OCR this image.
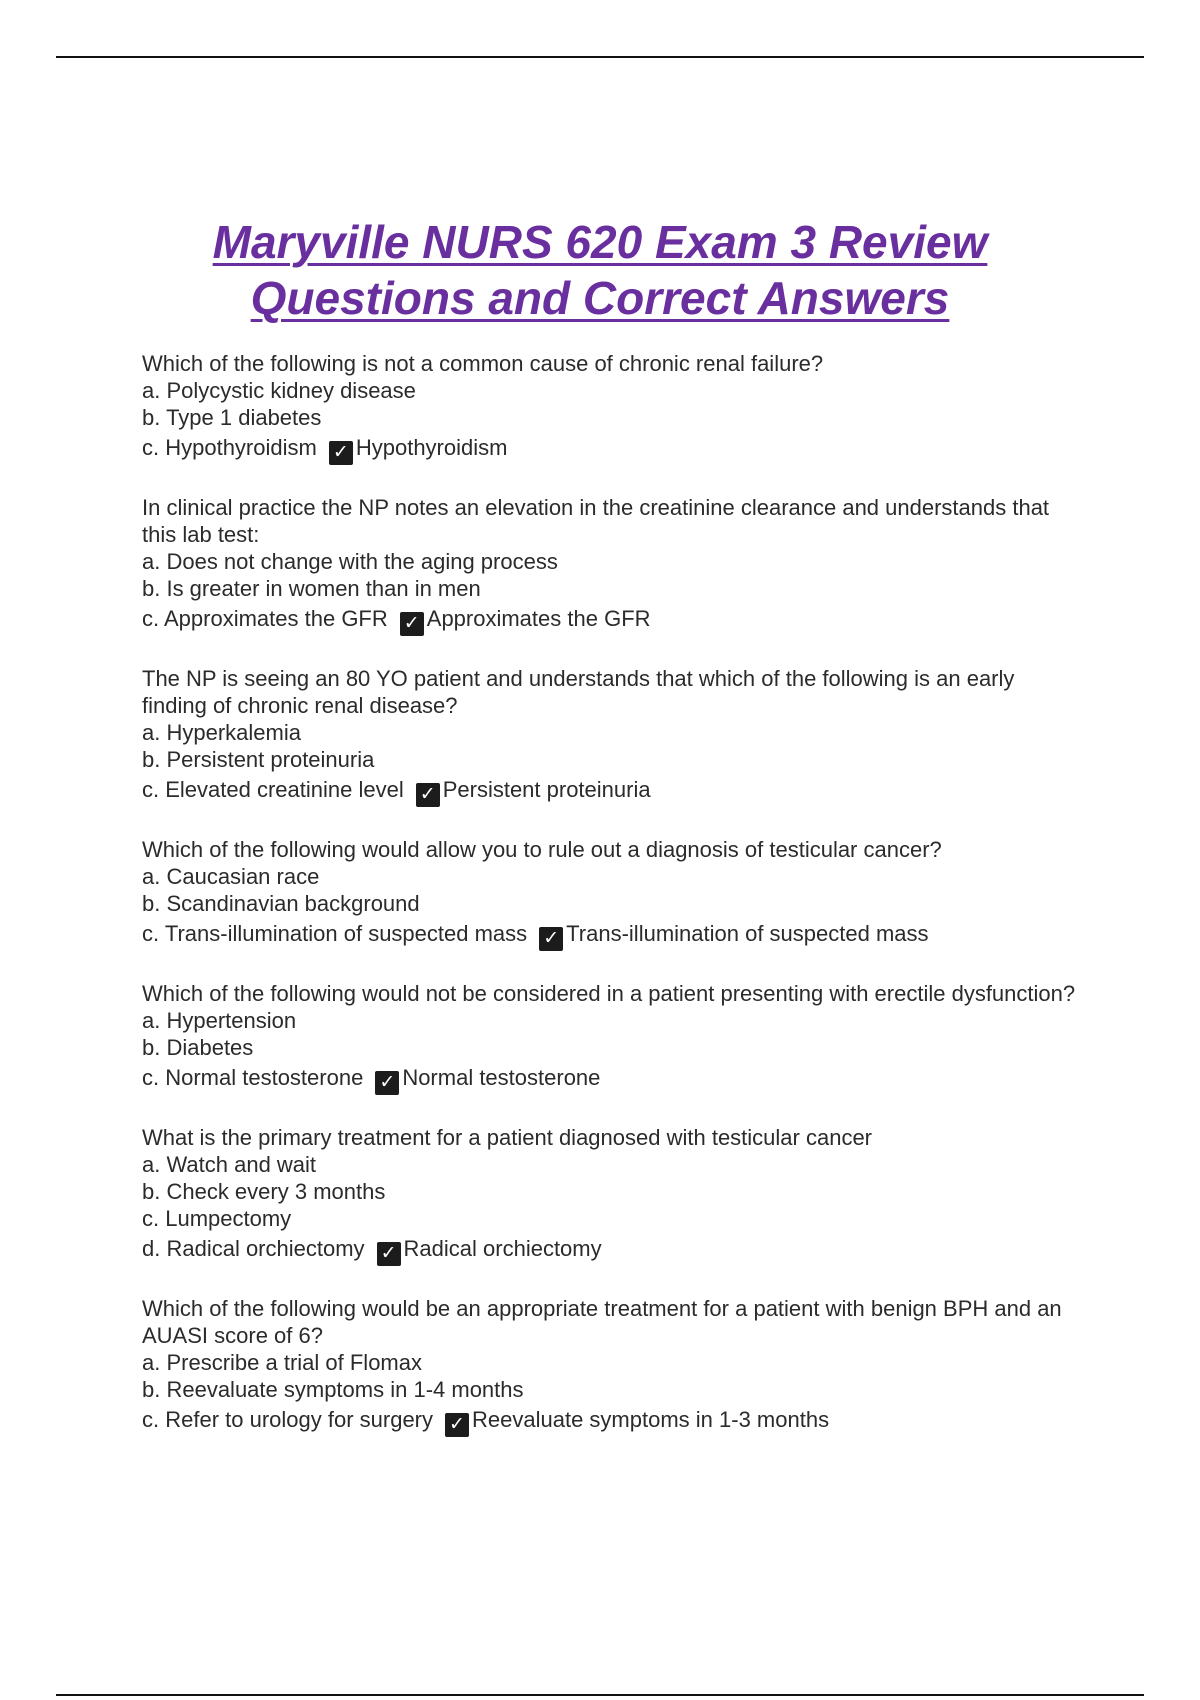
Maryville NURS 620 Exam 3 Review
Questions and Correct Answers
Which of the following is not a common cause of chronic renal failure?
a. Polycystic kidney disease
b. Type 1 diabetes
c. Hypothyroidism ✓ Hypothyroidism
In clinical practice the NP notes an elevation in the creatinine clearance and understands that this lab test:
a. Does not change with the aging process
b. Is greater in women than in men
c. Approximates the GFR ✓ Approximates the GFR
The NP is seeing an 80 YO patient and understands that which of the following is an early finding of chronic renal disease?
a. Hyperkalemia
b. Persistent proteinuria
c. Elevated creatinine level ✓ Persistent proteinuria
Which of the following would allow you to rule out a diagnosis of testicular cancer?
a. Caucasian race
b. Scandinavian background
c. Trans-illumination of suspected mass ✓ Trans-illumination of suspected mass
Which of the following would not be considered in a patient presenting with erectile dysfunction?
a. Hypertension
b. Diabetes
c. Normal testosterone ✓ Normal testosterone
What is the primary treatment for a patient diagnosed with testicular cancer
a. Watch and wait
b. Check every 3 months
c. Lumpectomy
d. Radical orchiectomy ✓ Radical orchiectomy
Which of the following would be an appropriate treatment for a patient with benign BPH and an AUASI score of 6?
a. Prescribe a trial of Flomax
b. Reevaluate symptoms in 1-4 months
c. Refer to urology for surgery ✓ Reevaluate symptoms in 1-3 months
